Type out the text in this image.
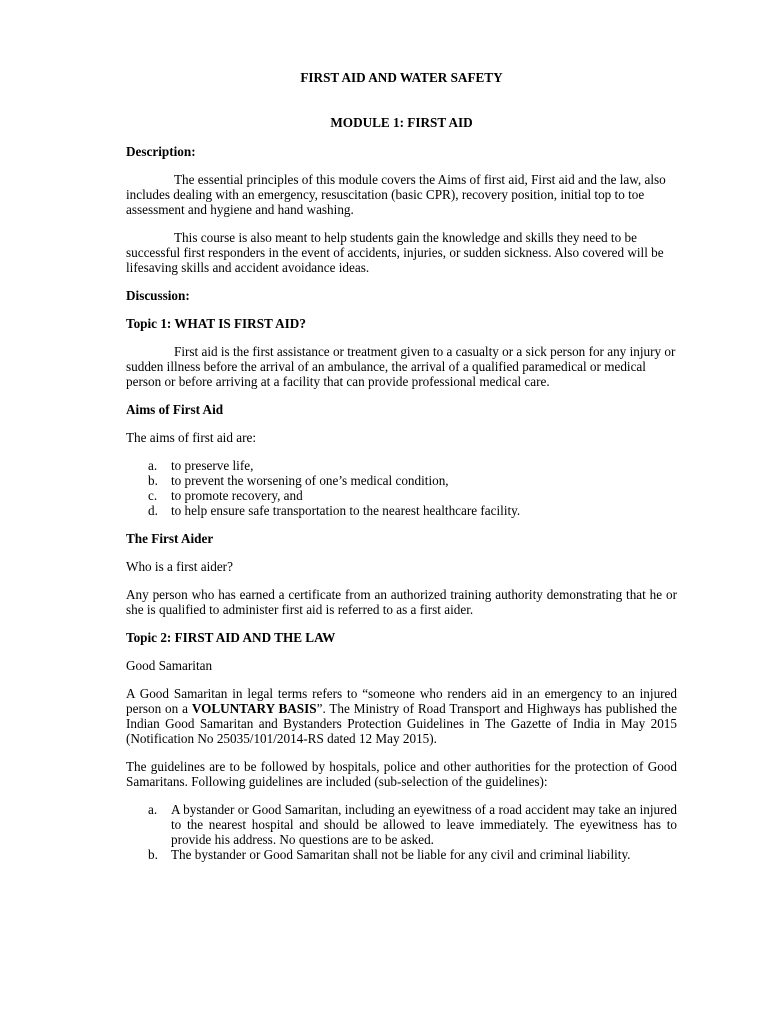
FIRST AID AND WATER SAFETY

MODULE 1: FIRST AID

Description:

The essential principles of this module covers the Aims of first aid, First aid and the law, also includes dealing with an emergency, resuscitation (basic CPR), recovery position, initial top to toe assessment and hygiene and hand washing.

This course is also meant to help students gain the knowledge and skills they need to be successful first responders in the event of accidents, injuries, or sudden sickness. Also covered will be lifesaving skills and accident avoidance ideas.

Discussion:

Topic 1: WHAT IS FIRST AID?

First aid is the first assistance or treatment given to a casualty or a sick person for any injury or sudden illness before the arrival of an ambulance, the arrival of a qualified paramedical or medical person or before arriving at a facility that can provide professional medical care.

Aims of First Aid

The aims of first aid are:

a. to preserve life,
b. to prevent the worsening of one’s medical condition,
c. to promote recovery, and
d. to help ensure safe transportation to the nearest healthcare facility.

The First Aider

Who is a first aider?

Any person who has earned a certificate from an authorized training authority demonstrating that he or she is qualified to administer first aid is referred to as a first aider.

Topic 2: FIRST AID AND THE LAW

Good Samaritan

A Good Samaritan in legal terms refers to “someone who renders aid in an emergency to an injured person on a VOLUNTARY BASIS”. The Ministry of Road Transport and Highways has published the Indian Good Samaritan and Bystanders Protection Guidelines in The Gazette of India in May 2015 (Notification No 25035/101/2014-RS dated 12 May 2015).

The guidelines are to be followed by hospitals, police and other authorities for the protection of Good Samaritans. Following guidelines are included (sub-selection of the guidelines):

a. A bystander or Good Samaritan, including an eyewitness of a road accident may take an injured to the nearest hospital and should be allowed to leave immediately. The eyewitness has to provide his address. No questions are to be asked.
b. The bystander or Good Samaritan shall not be liable for any civil and criminal liability.
